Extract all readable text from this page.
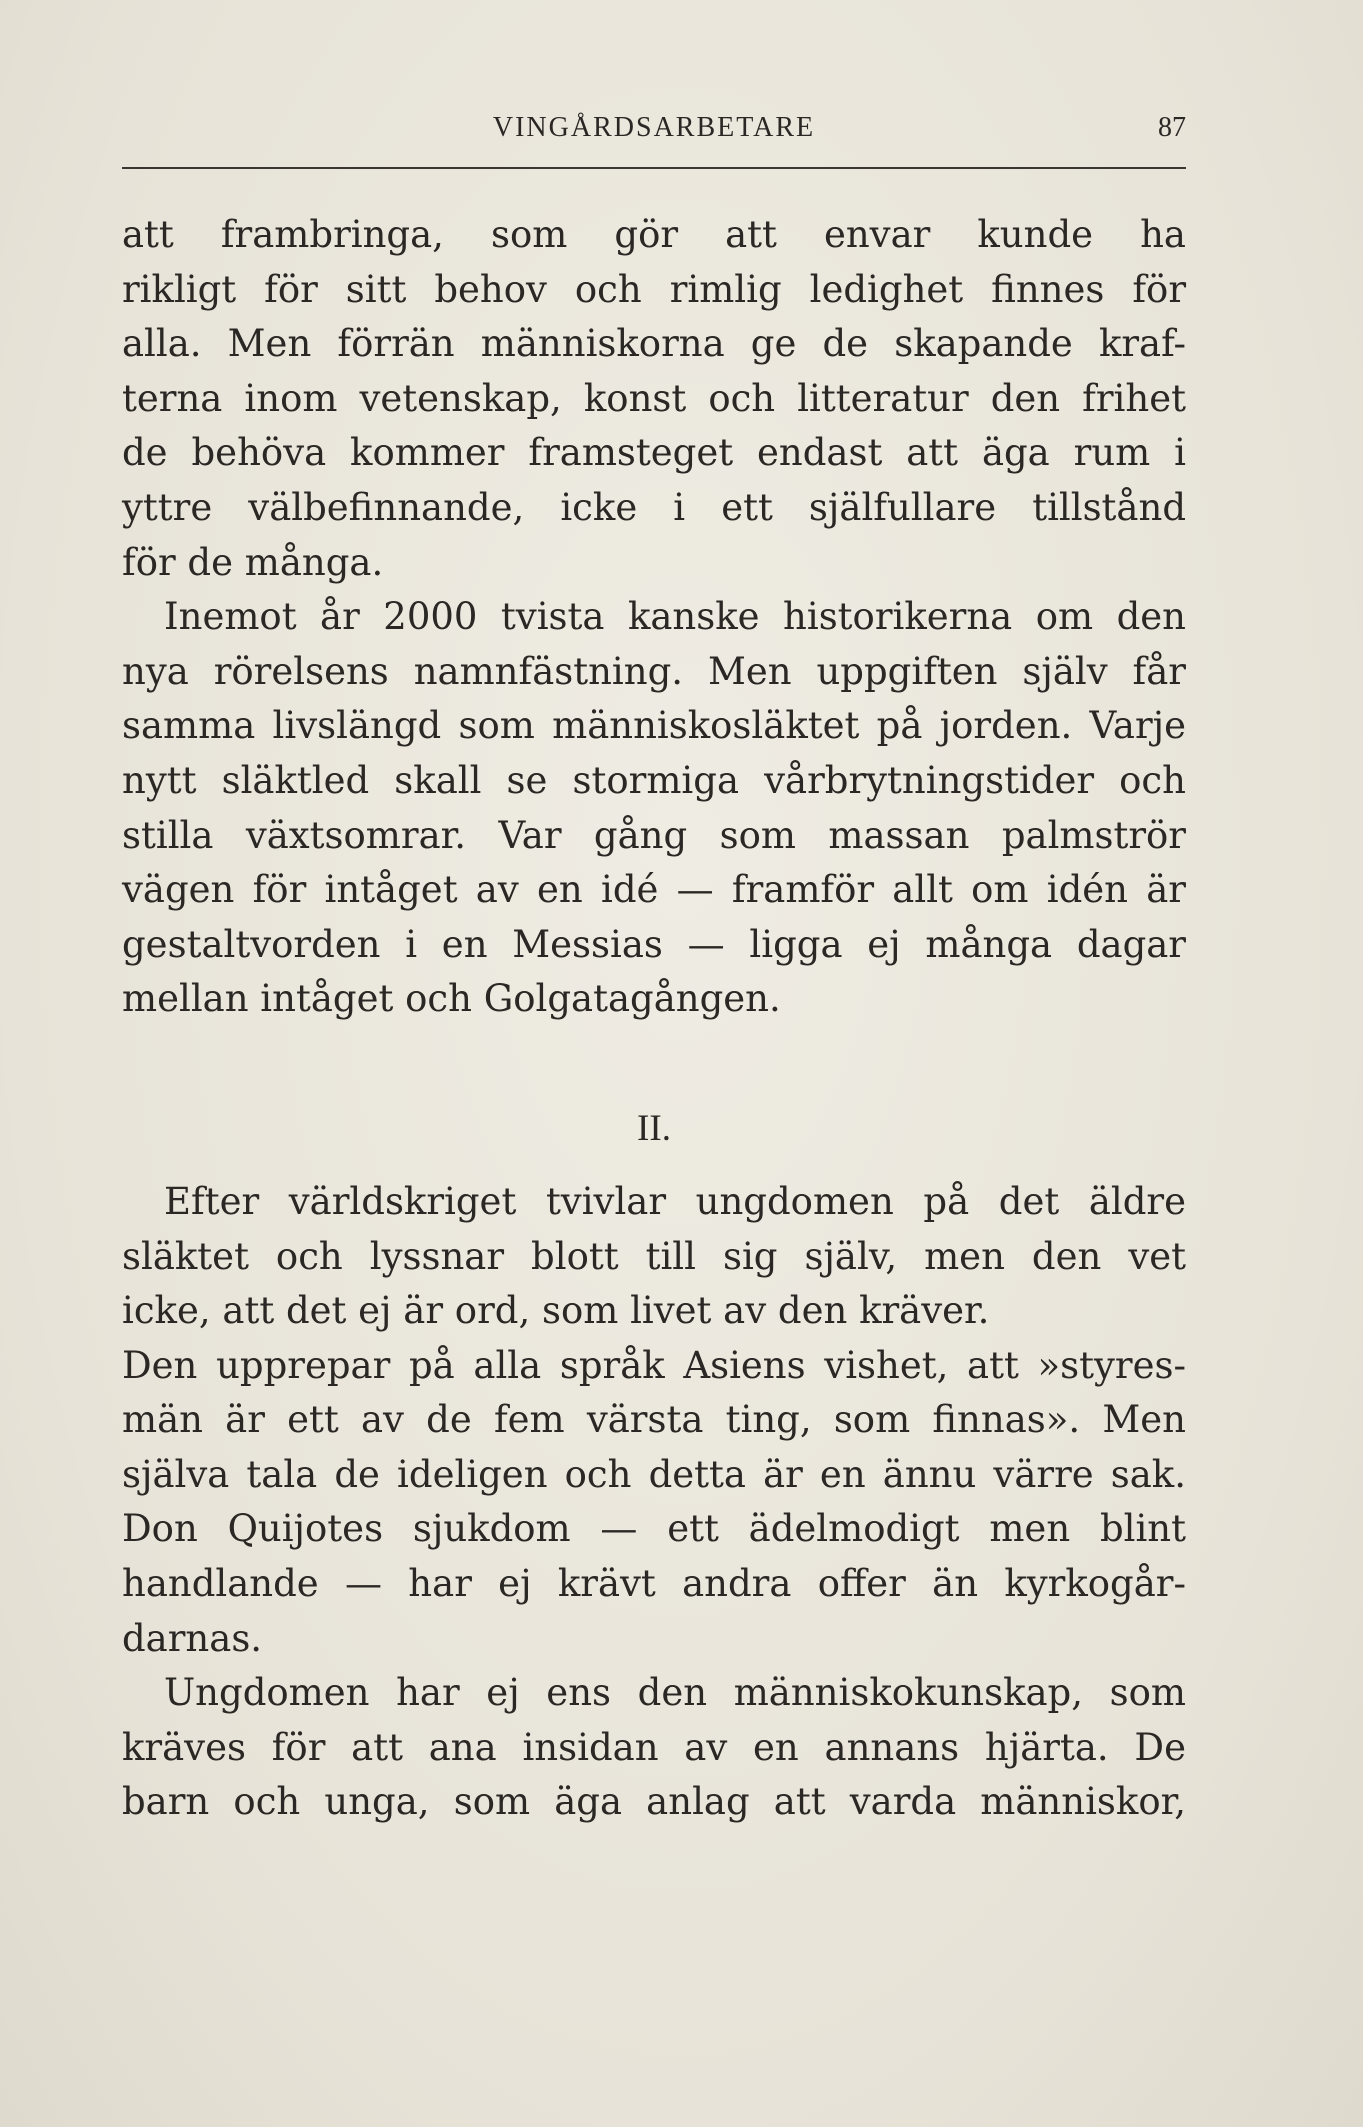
VINGÅRDSARBETARE	87
att frambringa, som gör att envar kunde ha
rikligt för sitt behov och rimlig ledighet finnes för
alla. Men förrän människorna ge de skapande kraf-
terna inom vetenskap, konst och litteratur den frihet
de behöva kommer framsteget endast att äga rum i
yttre välbefinnande, icke i ett själfullare tillstånd
för de många.
Inemot år 2000 tvista kanske historikerna om den
nya rörelsens namnfästning. Men uppgiften själv får
samma livslängd som människosläktet på jorden. Varje
nytt släktled skall se stormiga vårbrytningstider och
stilla växtsomrar. Var gång som massan palmströr
vägen för intåget av en idé — framför allt om idén är
gestaltvorden i en Messias — ligga ej många dagar
mellan intåget och Golgatagången.
II.
Efter världskriget tvivlar ungdomen på det äldre
släktet och lyssnar blott till sig själv, men den vet
icke, att det ej är ord, som livet av den kräver.
Den upprepar på alla språk Asiens vishet, att »styres-
män är ett av de fem värsta ting, som finnas». Men
själva tala de ideligen och detta är en ännu värre sak.
Don Quijotes sjukdom — ett ädelmodigt men blint
handlande — har ej krävt andra offer än kyrkogår-
darnas.
Ungdomen har ej ens den människokunskap, som
kräves för att ana insidan av en annans hjärta. De
barn och unga, som äga anlag att varda människor,
